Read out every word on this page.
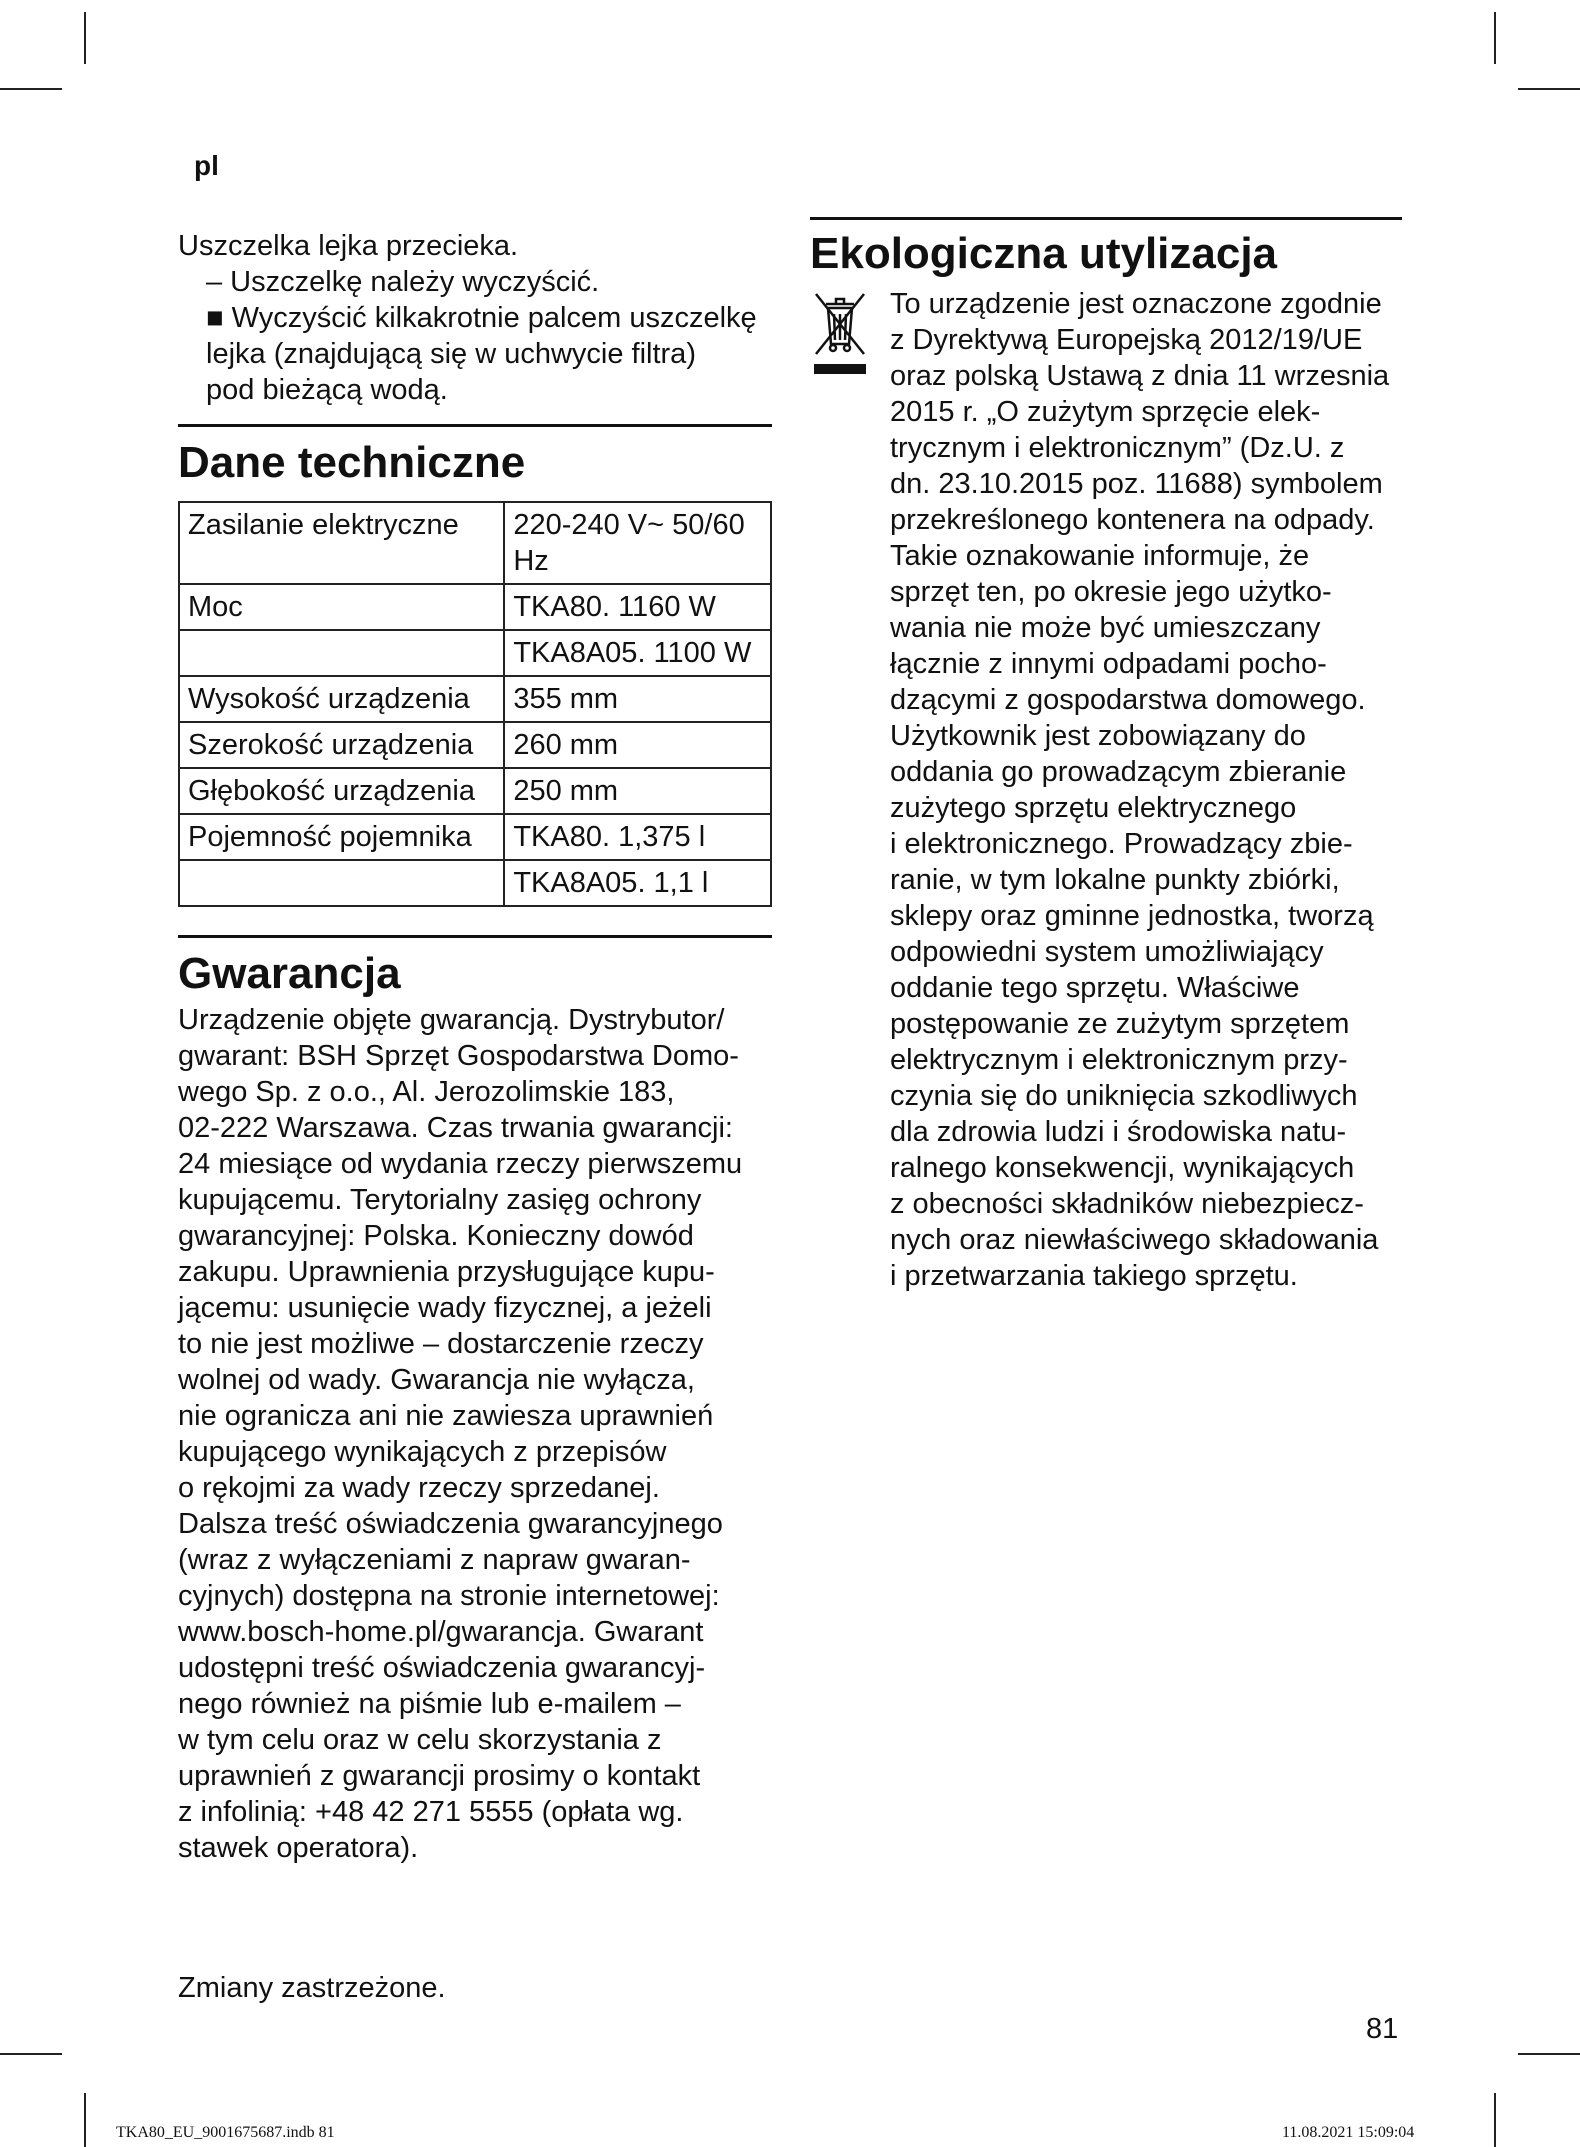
pl

Uszczelka lejka przecieka.

– Uszczelkę należy wyczyścić.

■ Wyczyścić kilkakrotnie palcem uszczelkę

lejka (znajdującą się w uchwycie filtra)

pod bieżącą wodą.

Dane techniczne
Zasilanie elektryczne	220-240 V~ 50/60 Hz
Moc	TKA80. 1160 W
	TKA8A05. 1100 W
Wysokość urządzenia	355 mm
Szerokość urządzenia	260 mm
Głębokość urządzenia	250 mm
Pojemność pojemnika	TKA80. 1,375 l
	TKA8A05. 1,1 l
Gwarancja

Urządzenie objęte gwarancją. Dystrybutor/

gwarant: BSH Sprzęt Gospodarstwa Domo-

wego Sp. z o.o., Al. Jerozolimskie 183,

02-222 Warszawa. Czas trwania gwarancji:

24 miesiące od wydania rzeczy pierwszemu

kupującemu. Terytorialny zasięg ochrony

gwarancyjnej: Polska. Konieczny dowód

zakupu. Uprawnienia przysługujące kupu-

jącemu: usunięcie wady fizycznej, a jeżeli

to nie jest możliwe – dostarczenie rzeczy

wolnej od wady. Gwarancja nie wyłącza,

nie ogranicza ani nie zawiesza uprawnień

kupującego wynikających z przepisów

o rękojmi za wady rzeczy sprzedanej.

Dalsza treść oświadczenia gwarancyjnego

(wraz z wyłączeniami z napraw gwaran-

cyjnych) dostępna na stronie internetowej:

www.bosch-home.pl/gwarancja. Gwarant

udostępni treść oświadczenia gwarancyj-

nego również na piśmie lub e-mailem –

w tym celu oraz w celu skorzystania z

uprawnień z gwarancji prosimy o kontakt

z infolinią: +48 42 271 5555 (opłata wg.

stawek operatora).

Zmiany zastrzeżone.
Ekologiczna utylizacja
To urządzenie jest oznaczone zgodnie
z Dyrektywą Europejską 2012/19/UE
oraz polską Ustawą z dnia 11 wrzesnia
2015 r. „O zużytym sprzęcie elek-
trycznym i elektronicznym” (Dz.U. z
dn. 23.10.2015 poz. 11688) symbolem
przekreślonego kontenera na odpady.
Takie oznakowanie informuje, że
sprzęt ten, po okresie jego użytko-
wania nie może być umieszczany
łącznie z innymi odpadami pocho-
dzącymi z gospodarstwa domowego.
Użytkownik jest zobowiązany do
oddania go prowadzącym zbieranie
zużytego sprzętu elektrycznego
i elektronicznego. Prowadzący zbie-
ranie, w tym lokalne punkty zbiórki,
sklepy oraz gminne jednostka, tworzą
odpowiedni system umożliwiający
oddanie tego sprzętu. Właściwe
postępowanie ze zużytym sprzętem
elektrycznym i elektronicznym przy-
czynia się do uniknięcia szkodliwych
dla zdrowia ludzi i środowiska natu-
ralnego konsekwencji, wynikających
z obecności składników niebezpiecz-
nych oraz niewłaściwego składowania
i przetwarzania takiego sprzętu.
81
TKA80_EU_9001675687.indb 81	11.08.2021 15:09:04
